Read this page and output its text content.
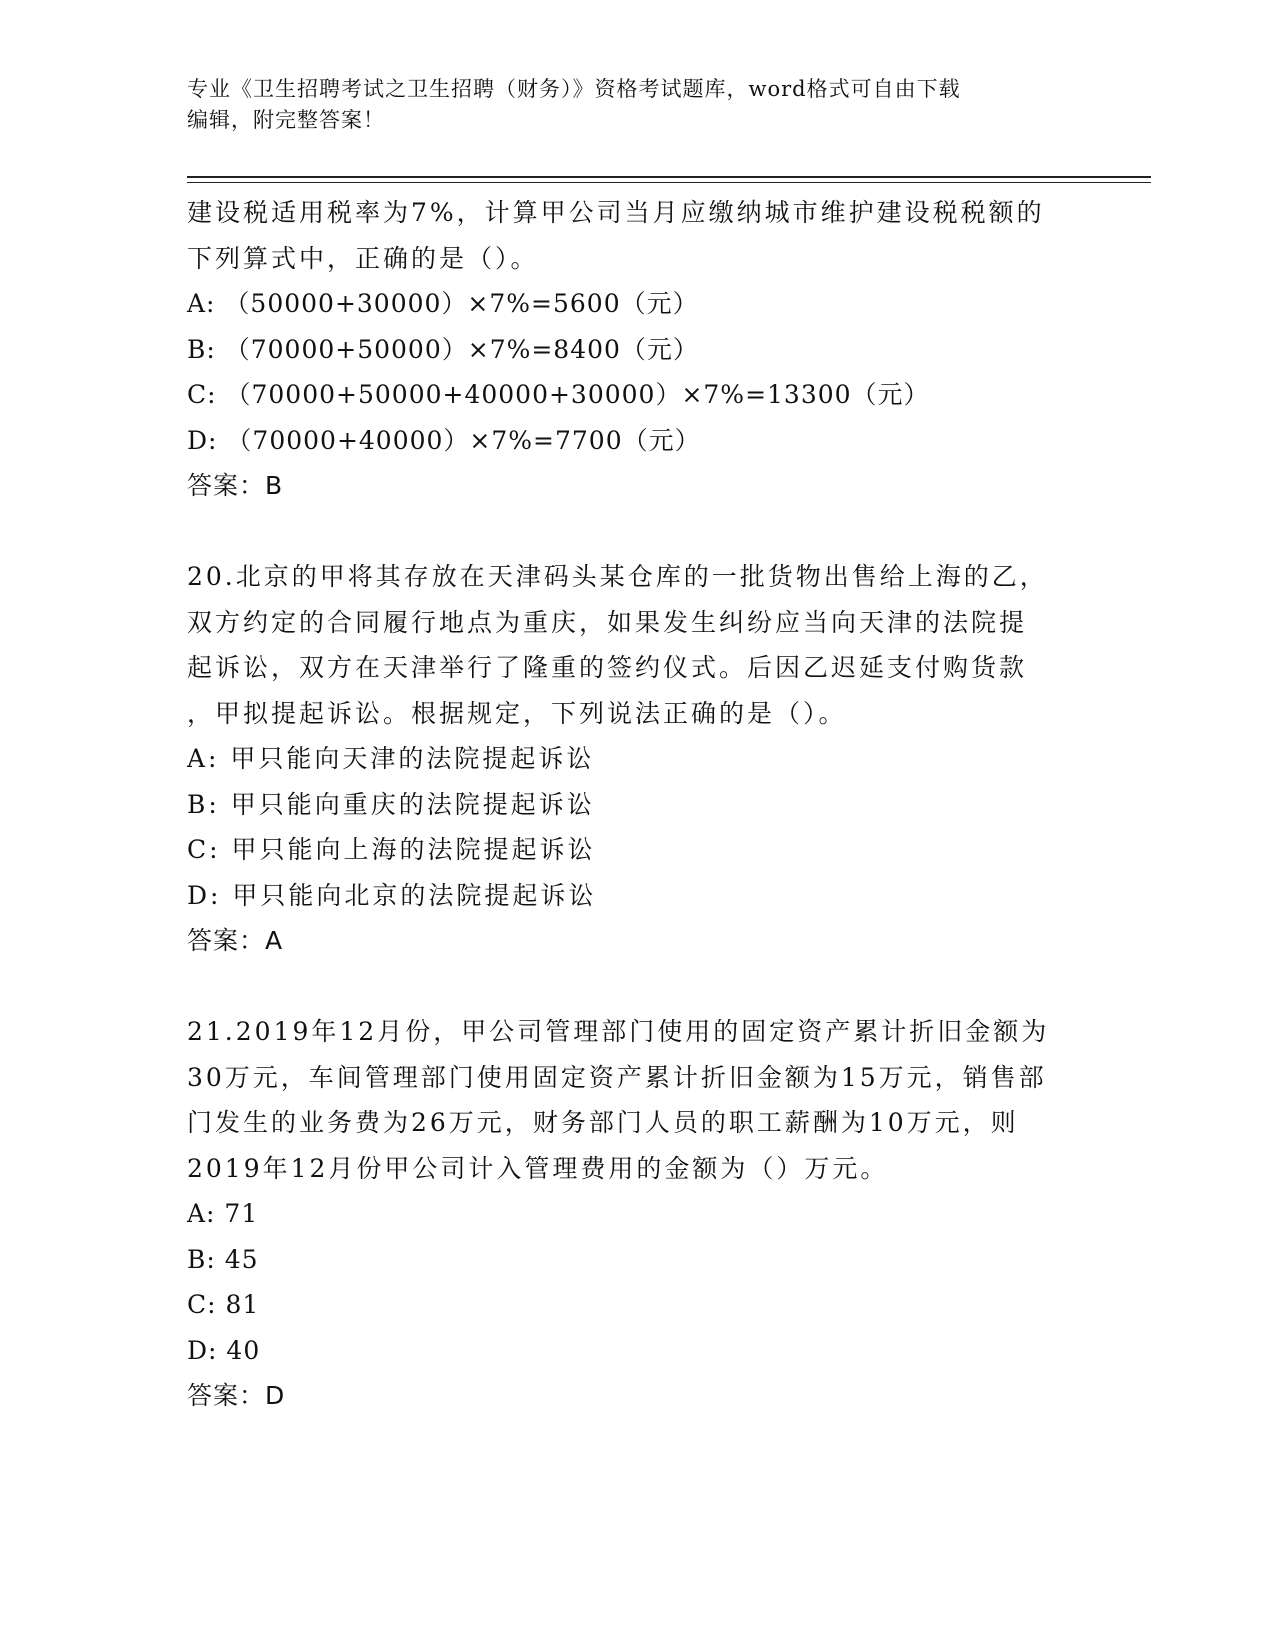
专业《卫生招聘考试之卫生招聘（财务）》资格考试题库，word格式可自由下载
编辑，附完整答案！
建设税适用税率为7%，计算甲公司当月应缴纳城市维护建设税税额的
下列算式中，正确的是（）。
A: （50000+30000）×7%=5600（元）
B: （70000+50000）×7%=8400（元）
C: （70000+50000+40000+30000）×7%=13300（元）
D: （70000+40000）×7%=7700（元）
答案：B
20.北京的甲将其存放在天津码头某仓库的一批货物出售给上海的乙，
双方约定的合同履行地点为重庆，如果发生纠纷应当向天津的法院提
起诉讼，双方在天津举行了隆重的签约仪式。后因乙迟延支付购货款
，甲拟提起诉讼。根据规定，下列说法正确的是（）。
A: 甲只能向天津的法院提起诉讼
B: 甲只能向重庆的法院提起诉讼
C: 甲只能向上海的法院提起诉讼
D: 甲只能向北京的法院提起诉讼
答案：A
21.2019年12月份，甲公司管理部门使用的固定资产累计折旧金额为
30万元，车间管理部门使用固定资产累计折旧金额为15万元，销售部
门发生的业务费为26万元，财务部门人员的职工薪酬为10万元，则
2019年12月份甲公司计入管理费用的金额为（）万元。
A: 71
B: 45
C: 81
D: 40
答案：D
